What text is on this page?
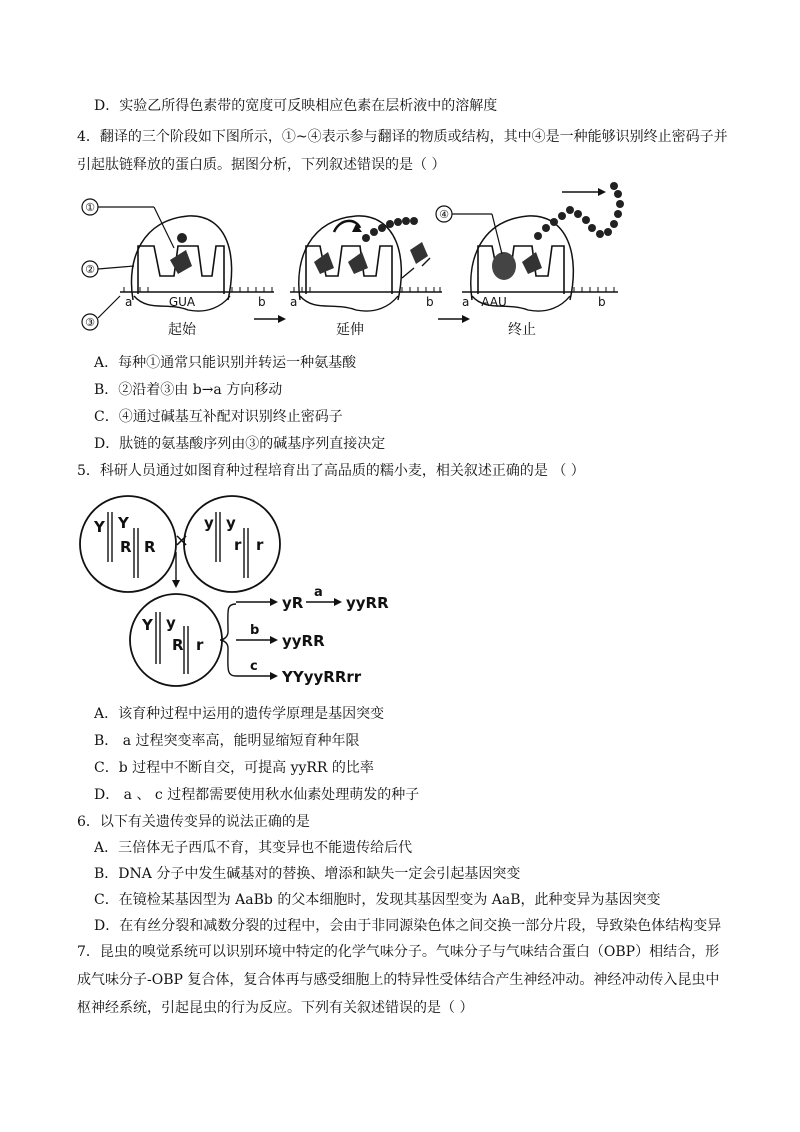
D．实验乙所得色素带的宽度可反映相应色素在层析液中的溶解度
4．翻译的三个阶段如下图所示，①~④表示参与翻译的物质或结构，其中④是一种能够识别终止密码子并
引起肽链释放的蛋白质。据图分析，下列叙述错误的是（ ）
①
②
③
a	GUA	b
起始
a	b
延伸
④
a AAU	b
终止
A．每种①通常只能识别并转运一种氨基酸
B．②沿着③由 b→a 方向移动
C．④通过碱基互补配对识别终止密码子
D．肽链的氨基酸序列由③的碱基序列直接决定
5．科研人员通过如图育种过程培育出了高品质的糯小麦，相关叙述正确的是 （ ）
Y Y
R R ×
y y
r r
Y y
R r
yR
a
yyRR
b
yyRR
c
YYyyRRrr
A．该育种过程中运用的遗传学原理是基因突变
B． a 过程突变率高，能明显缩短育种年限
C．b 过程中不断自交，可提高 yyRR 的比率
D． a 、 c 过程都需要使用秋水仙素处理萌发的种子
6．以下有关遗传变异的说法正确的是
A．三倍体无子西瓜不育，其变异也不能遗传给后代
B．DNA 分子中发生碱基对的替换、增添和缺失一定会引起基因突变
C．在镜检某基因型为 AaBb 的父本细胞时，发现其基因型变为 AaB，此种变异为基因突变
D．在有丝分裂和减数分裂的过程中，会由于非同源染色体之间交换一部分片段，导致染色体结构变异
7．昆虫的嗅觉系统可以识别环境中特定的化学气味分子。气味分子与气味结合蛋白（OBP）相结合，形
成气味分子-OBP 复合体，复合体再与感受细胞上的特异性受体结合产生神经冲动。神经冲动传入昆虫中
枢神经系统，引起昆虫的行为反应。下列有关叙述错误的是（ ）
